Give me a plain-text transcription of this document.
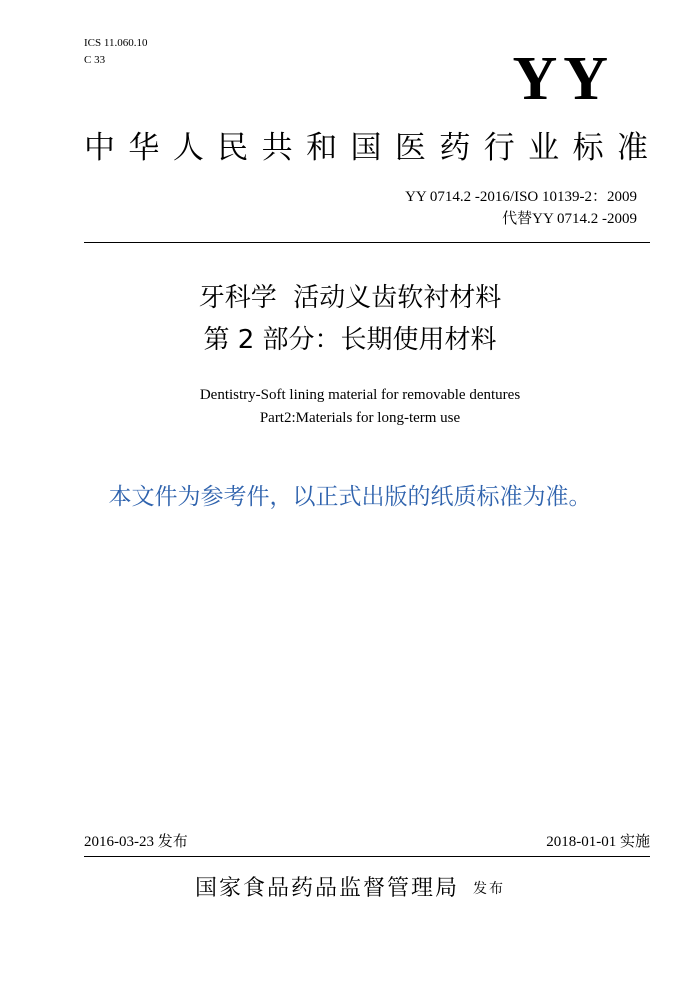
ICS 11.060.10
C 33	YY
中华人民共和国医药行业标准
YY 0714.2 -2016/ISO 10139-2：2009
代替YY 0714.2 -2009
牙科学  活动义齿软衬材料
第 2 部分：长期使用材料
Dentistry-Soft lining material for removable dentures
Part2:Materials for long-term use
本文件为参考件，以正式出版的纸质标准为准。
2016-03-23 发布	2018-01-01 实施
国家食品药品监督管理局 发布
